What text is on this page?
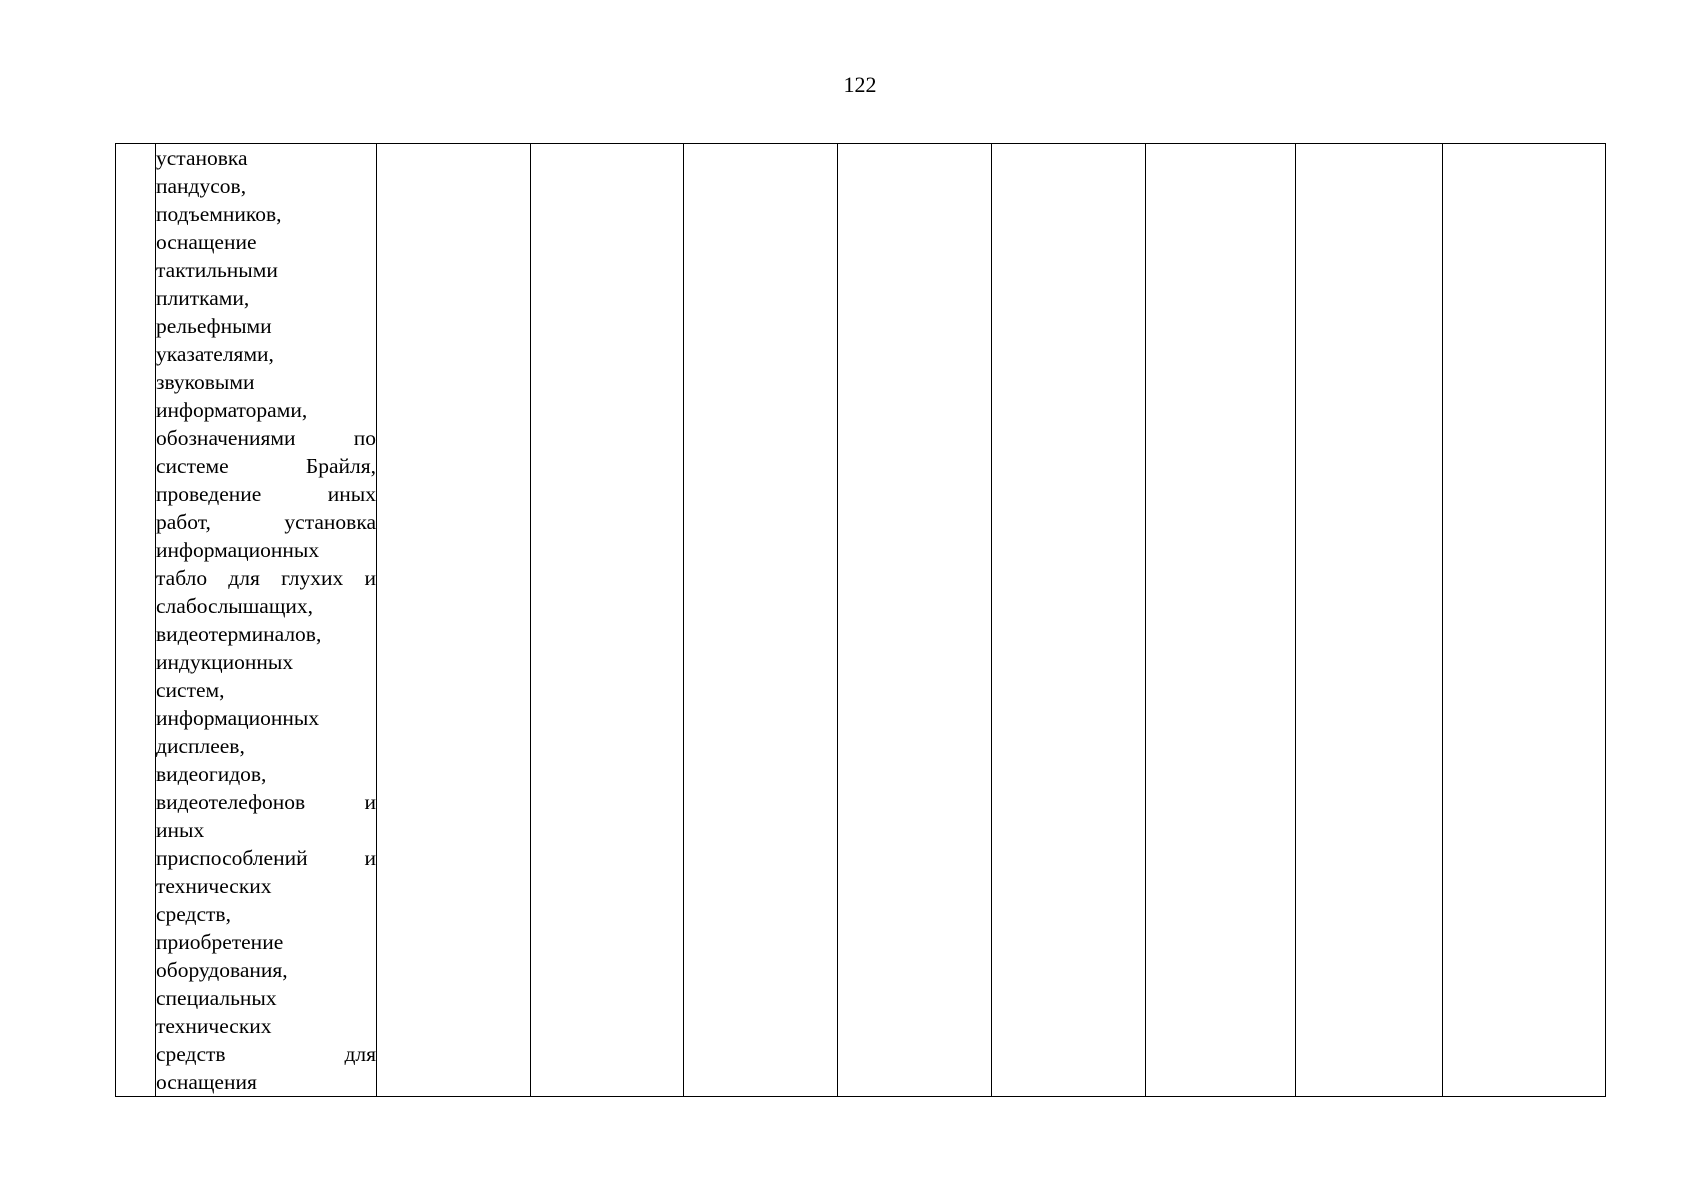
122

установка
пандусов,
подъемников,
оснащение
тактильными
плитками,
рельефными
указателями,
звуковыми
информаторами,
обозначениями	по
системе	Брайля,
проведение	иных
работ,	установка
информационных
табло для глухих и
слабослышащих,
видеотерминалов,
индукционных
систем,
информационных
дисплеев,
видеогидов,
видеотелефонов	и
иных
приспособлений	и
технических
средств,
приобретение
оборудования,
специальных
технических
средств	для
оснащения
